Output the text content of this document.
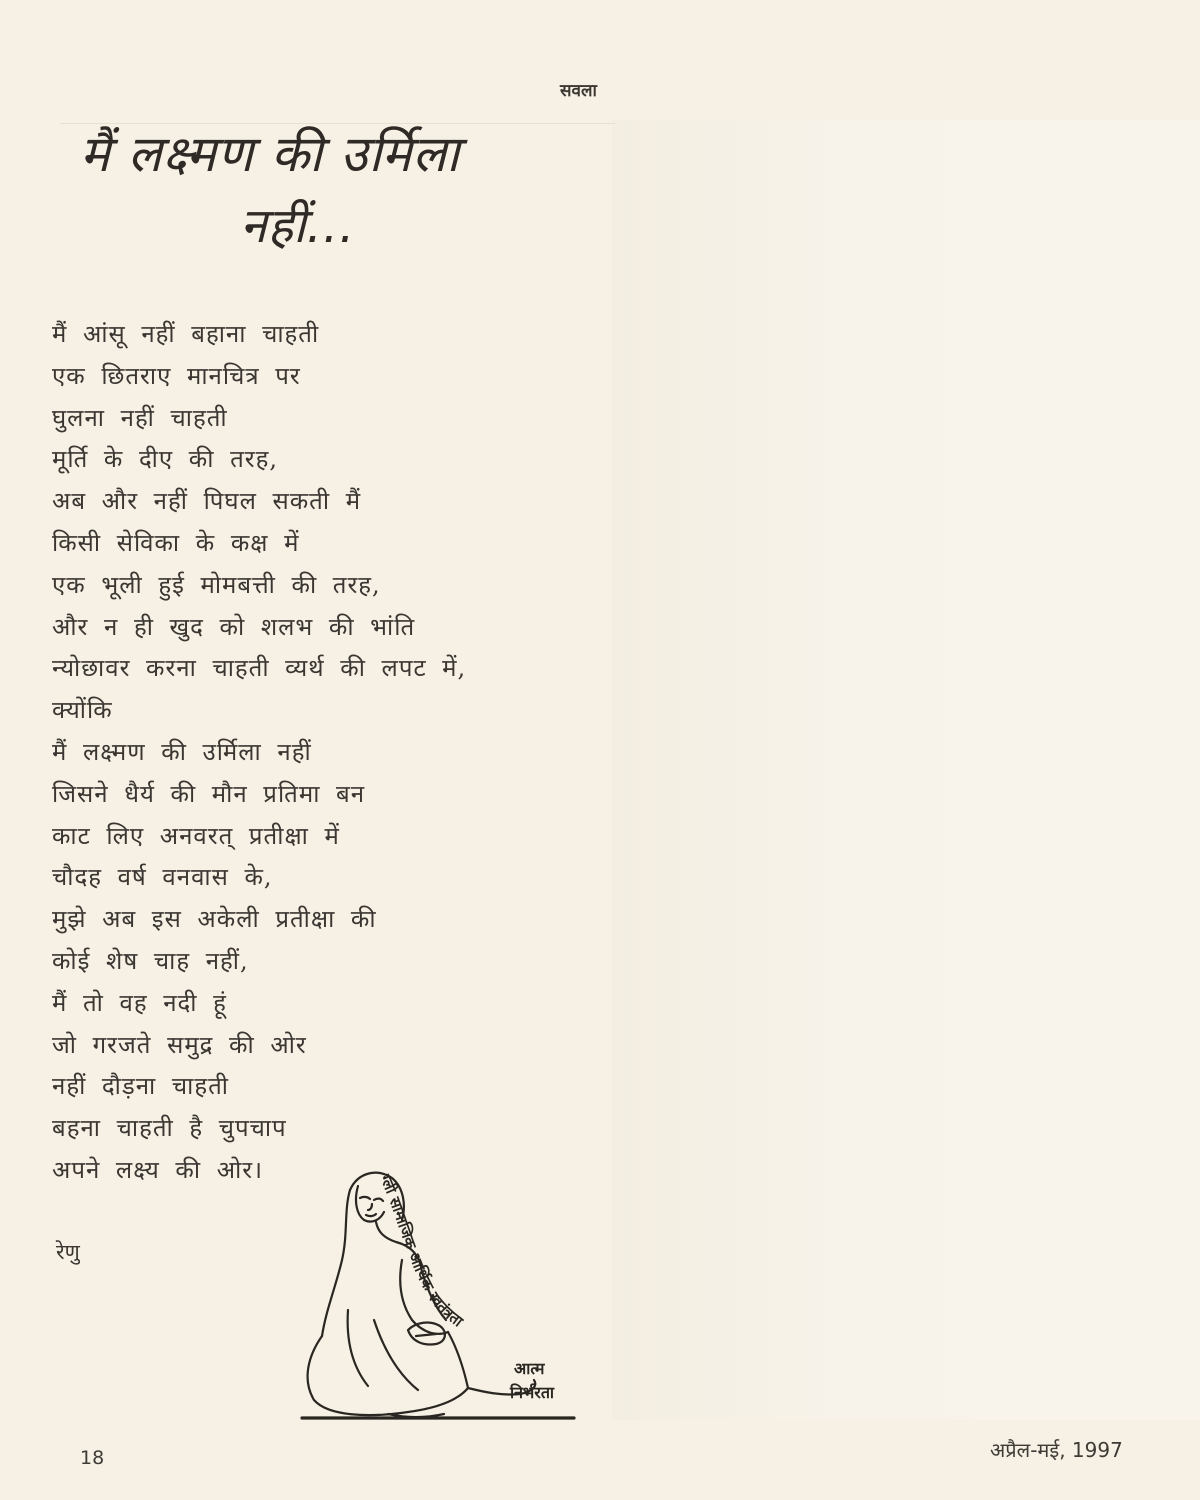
सवला

मैं लक्ष्मण की उर्मिला
नहीं...
मैं आंसू नहीं बहाना चाहती
एक छितराए मानचित्र पर
घुलना नहीं चाहती
मूर्ति के दीए की तरह,
अब और नहीं पिघल सकती मैं
किसी सेविका के कक्ष में
एक भूली हुई मोमबत्ती की तरह,
और न ही खुद को शलभ की भांति
न्योछावर करना चाहती व्यर्थ की लपट में,
क्योंकि
मैं लक्ष्मण की उर्मिला नहीं
जिसने धैर्य की मौन प्रतिमा बन
काट लिए अनवरत् प्रतीक्षा में
चौदह वर्ष वनवास के,
मुझे अब इस अकेली प्रतीक्षा की
कोई शेष चाह नहीं,
मैं तो वह नदी हूं
जो गरजते समुद्र की ओर
नहीं दौड़ना चाहती
बहना चाहती है चुपचाप
अपने लक्ष्य की ओर।

रेणु

ग्ली सामाजिक आर्थिक स्वतंत्रता
आत्म
निर्भरता

18	अप्रैल-मई, 1997
